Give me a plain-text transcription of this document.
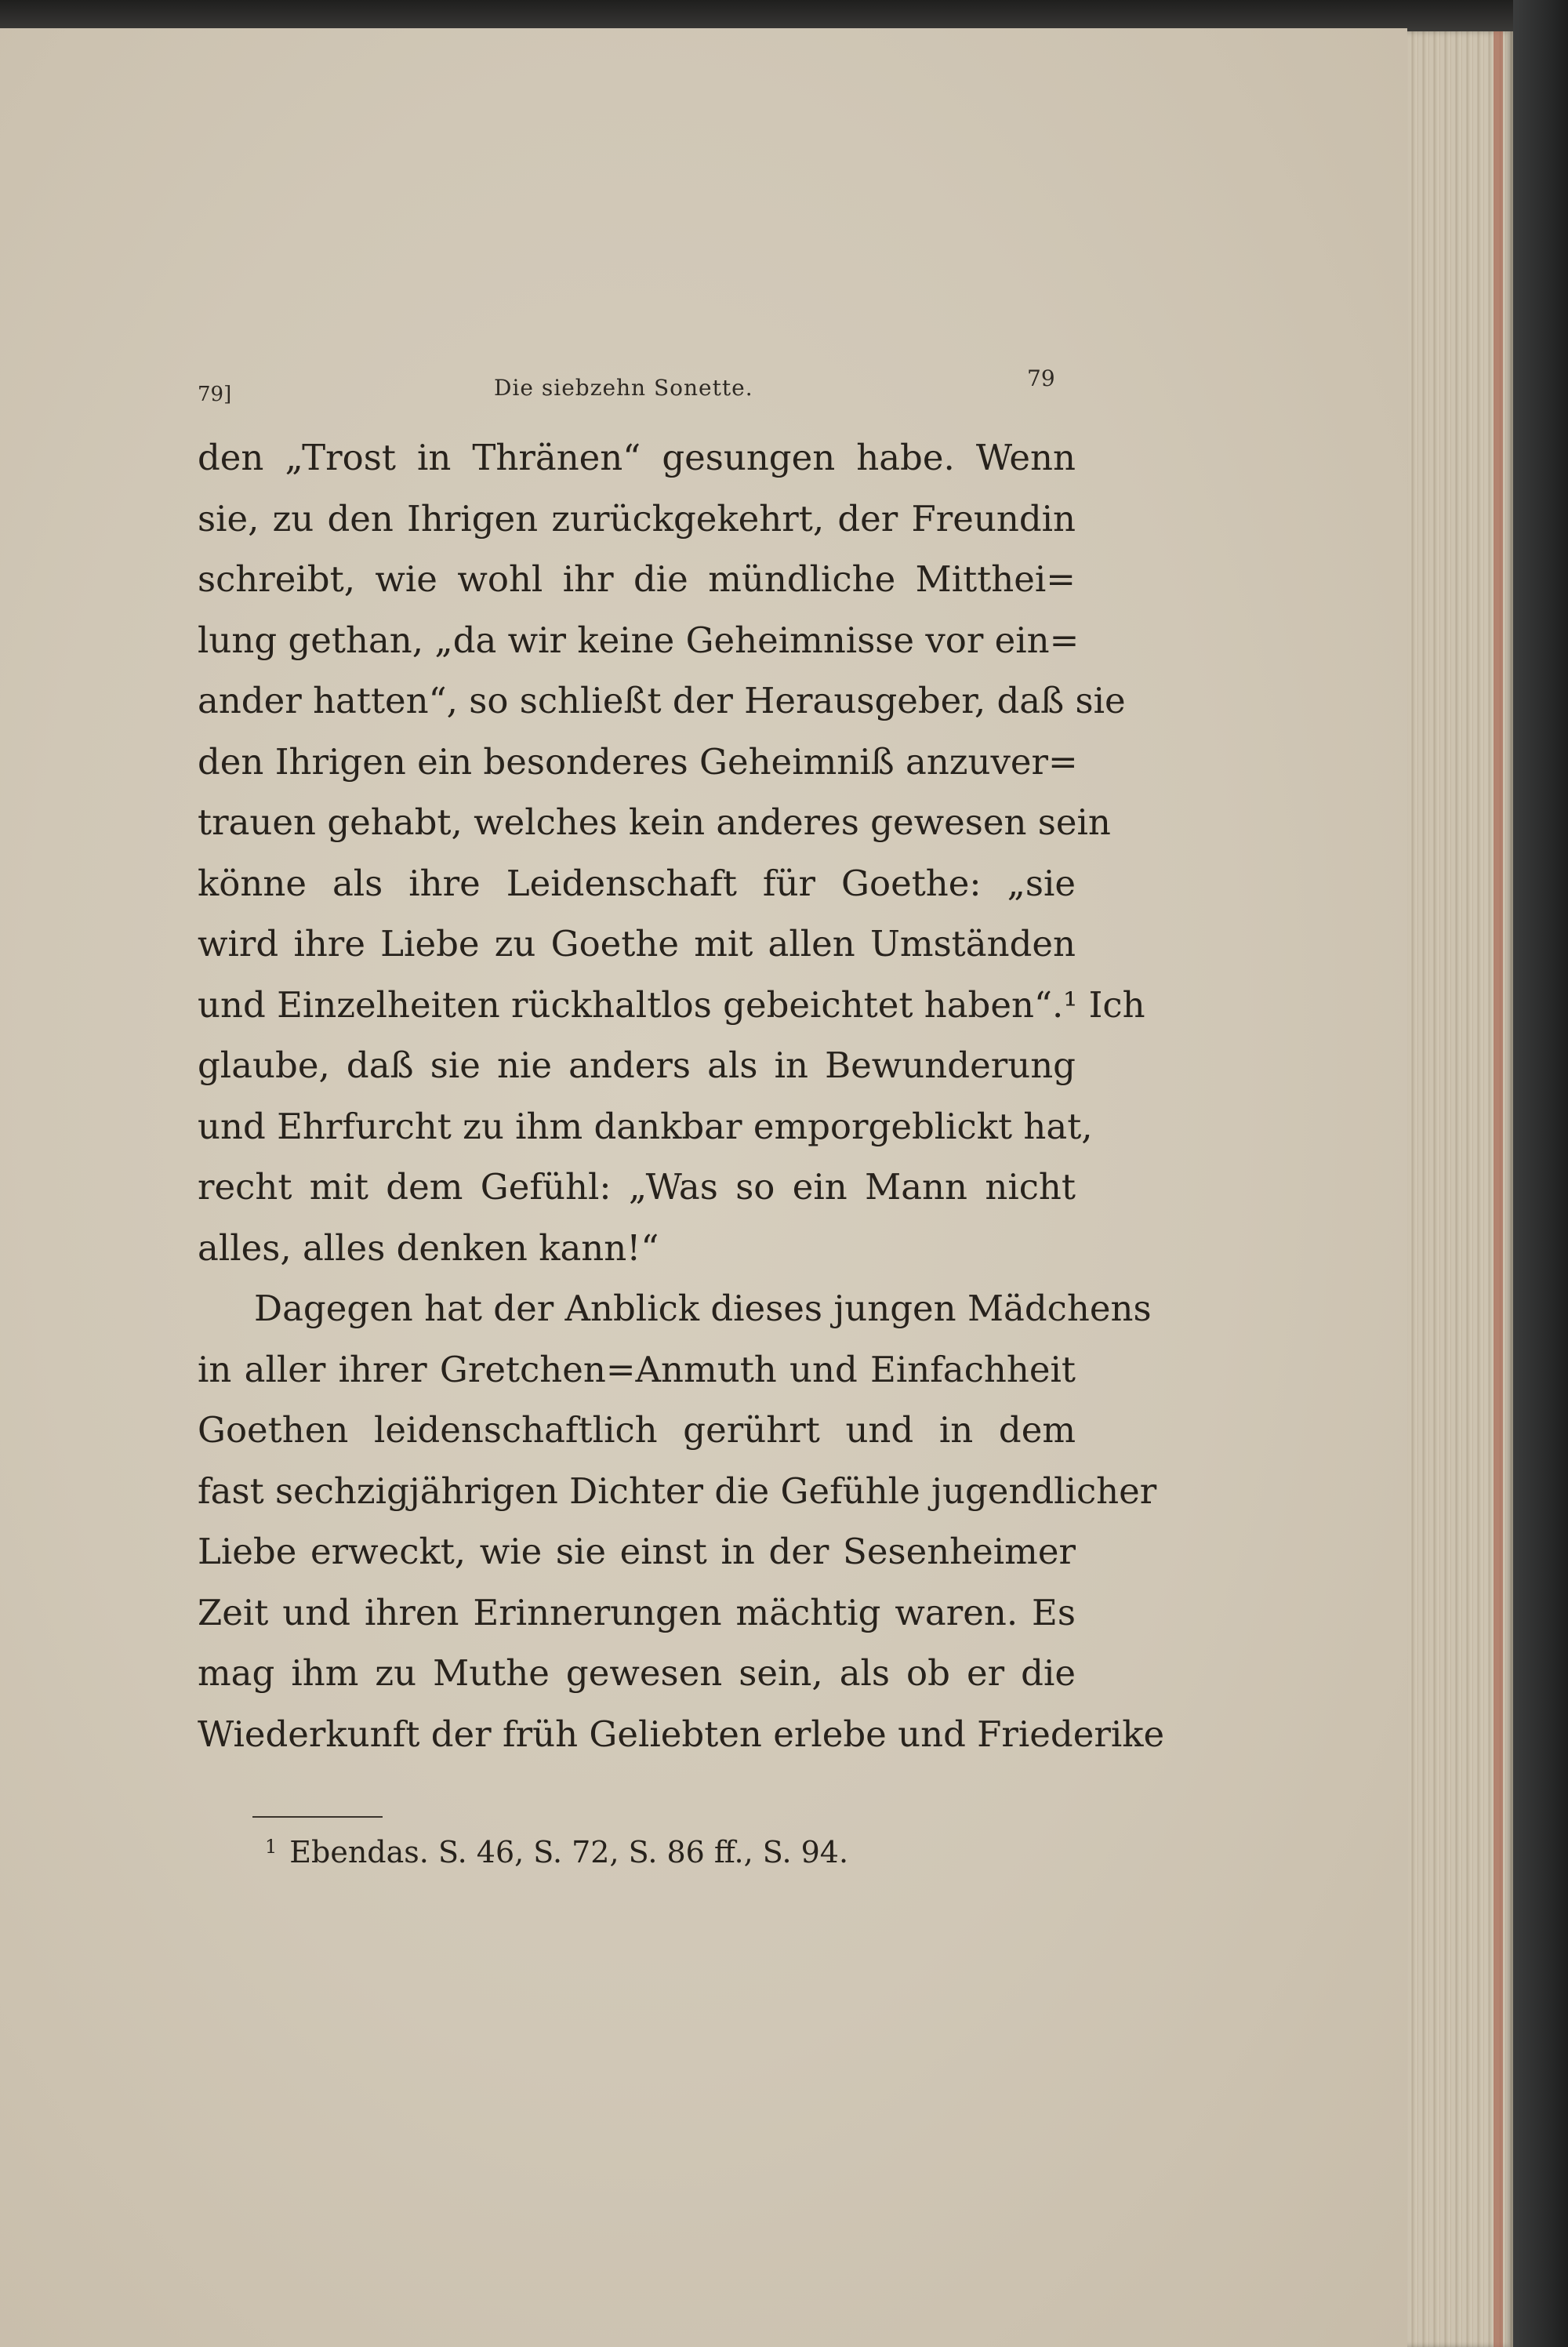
79]	Die siebzehn Sonette.	79
den „Trost in Thränen“ gesungen habe. Wenn
sie, zu den Ihrigen zurückgekehrt, der Freundin
schreibt, wie wohl ihr die mündliche Mitthei=
lung gethan, „da wir keine Geheimnisse vor ein=
ander hatten“, so schließt der Herausgeber, daß sie
den Ihrigen ein besonderes Geheimniß anzuver=
trauen gehabt, welches kein anderes gewesen sein
könne als ihre Leidenschaft für Goethe: „sie
wird ihre Liebe zu Goethe mit allen Umständen
und Einzelheiten rückhaltlos gebeichtet haben“.¹ Ich
glaube, daß sie nie anders als in Bewunderung
und Ehrfurcht zu ihm dankbar emporgeblickt hat,
recht mit dem Gefühl: „Was so ein Mann nicht
alles, alles denken kann!“
Dagegen hat der Anblick dieses jungen Mädchens
in aller ihrer Gretchen=Anmuth und Einfachheit
Goethen leidenschaftlich gerührt und in dem
fast sechzigjährigen Dichter die Gefühle jugendlicher
Liebe erweckt, wie sie einst in der Sesenheimer
Zeit und ihren Erinnerungen mächtig waren. Es
mag ihm zu Muthe gewesen sein, als ob er die
Wiederkunft der früh Geliebten erlebe und Friederike
$^1$ Ebendas. S. 46, S. 72, S. 86 ff., S. 94.
